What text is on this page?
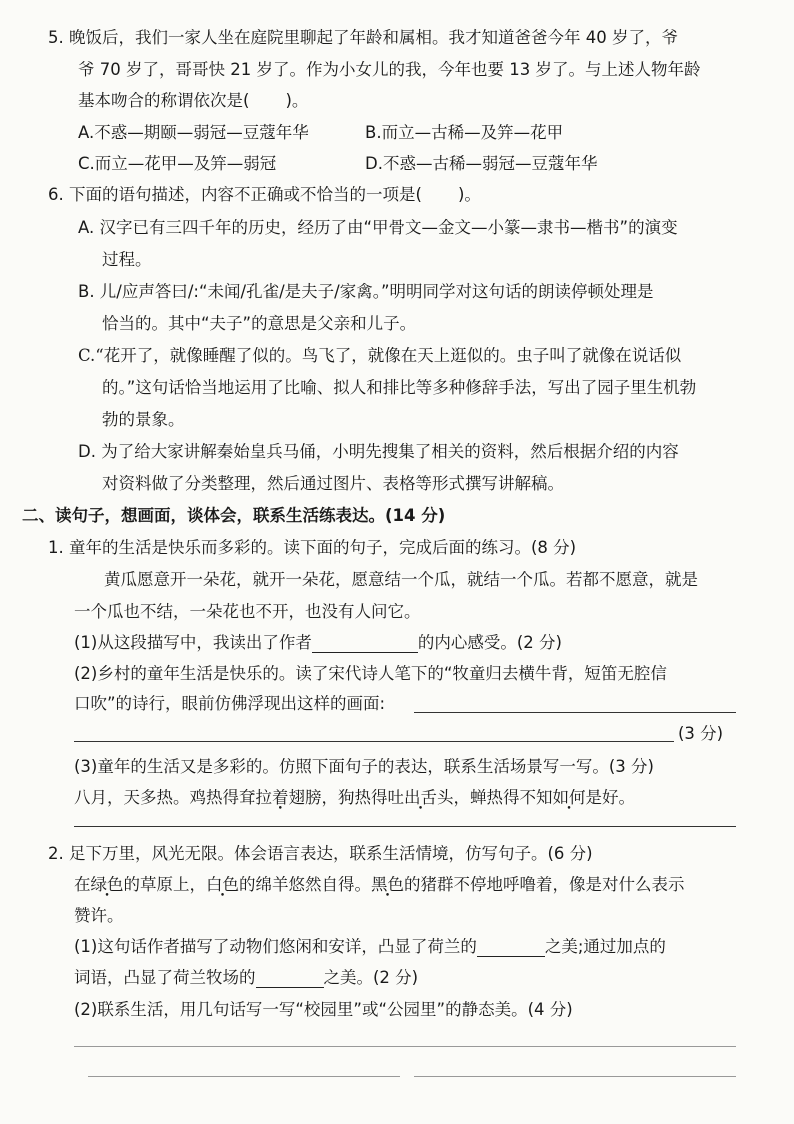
5. 晚饭后，我们一家人坐在庭院里聊起了年龄和属相。我才知道爸爸今年 40 岁了，爷
爷 70 岁了，哥哥快 21 岁了。作为小女儿的我，今年也要 13 岁了。与上述人物年龄
基本吻合的称谓依次是( )。
A.不惑—期颐—弱冠—豆蔻年华	B.而立—古稀—及笄—花甲
C.而立—花甲—及笄—弱冠	D.不惑—古稀—弱冠—豆蔻年华
6. 下面的语句描述，内容不正确或不恰当的一项是( )。
A. 汉字已有三四千年的历史，经历了由“甲骨文—金文—小篆—隶书—楷书”的演变
过程。
B. 儿/应声答曰/:“未闻/孔雀/是夫子/家禽。”明明同学对这句话的朗读停顿处理是
恰当的。其中“夫子”的意思是父亲和儿子。
C.“花开了，就像睡醒了似的。鸟飞了，就像在天上逛似的。虫子叫了就像在说话似
的。”这句话恰当地运用了比喻、拟人和排比等多种修辞手法，写出了园子里生机勃
勃的景象。
D. 为了给大家讲解秦始皇兵马俑，小明先搜集了相关的资料，然后根据介绍的内容
对资料做了分类整理，然后通过图片、表格等形式撰写讲解稿。
二、读句子，想画面，谈体会，联系生活练表达。(14 分)
1. 童年的生活是快乐而多彩的。读下面的句子，完成后面的练习。(8 分)
黄瓜愿意开一朵花，就开一朵花，愿意结一个瓜，就结一个瓜。若都不愿意，就是
一个瓜也不结，一朵花也不开，也没有人问它。
(1)从这段描写中，我读出了作者	的内心感受。(2 分)
(2)乡村的童年生活是快乐的。读了宋代诗人笔下的“牧童归去横牛背，短笛无腔信
口吹”的诗行，眼前仿佛浮现出这样的画面:
(3 分)
(3)童年的生活又是多彩的。仿照下面句子的表达，联系生活场景写一写。(3 分)
八月，天多热。鸡热得耷拉着翅膀 •，狗热得吐出舌头，蝉热得不知如何是好 •。
2. 足下万里，风光无限。体会语言表达，联系生活情境，仿写句子。(6 分)
在绿色的草原上，白色的绵羊悠然自得。黑色的猪群不停地呼噜着，像是对什么表示
赞许。
(1)这句话作者描写了动物们悠闲和安详，凸显了荷兰的	之美;通过加点的
词语，凸显了荷兰牧场的	之美。(2 分)
(2)联系生活，用几句话写一写“校园里”或“公园里”的静态美。(4 分)
